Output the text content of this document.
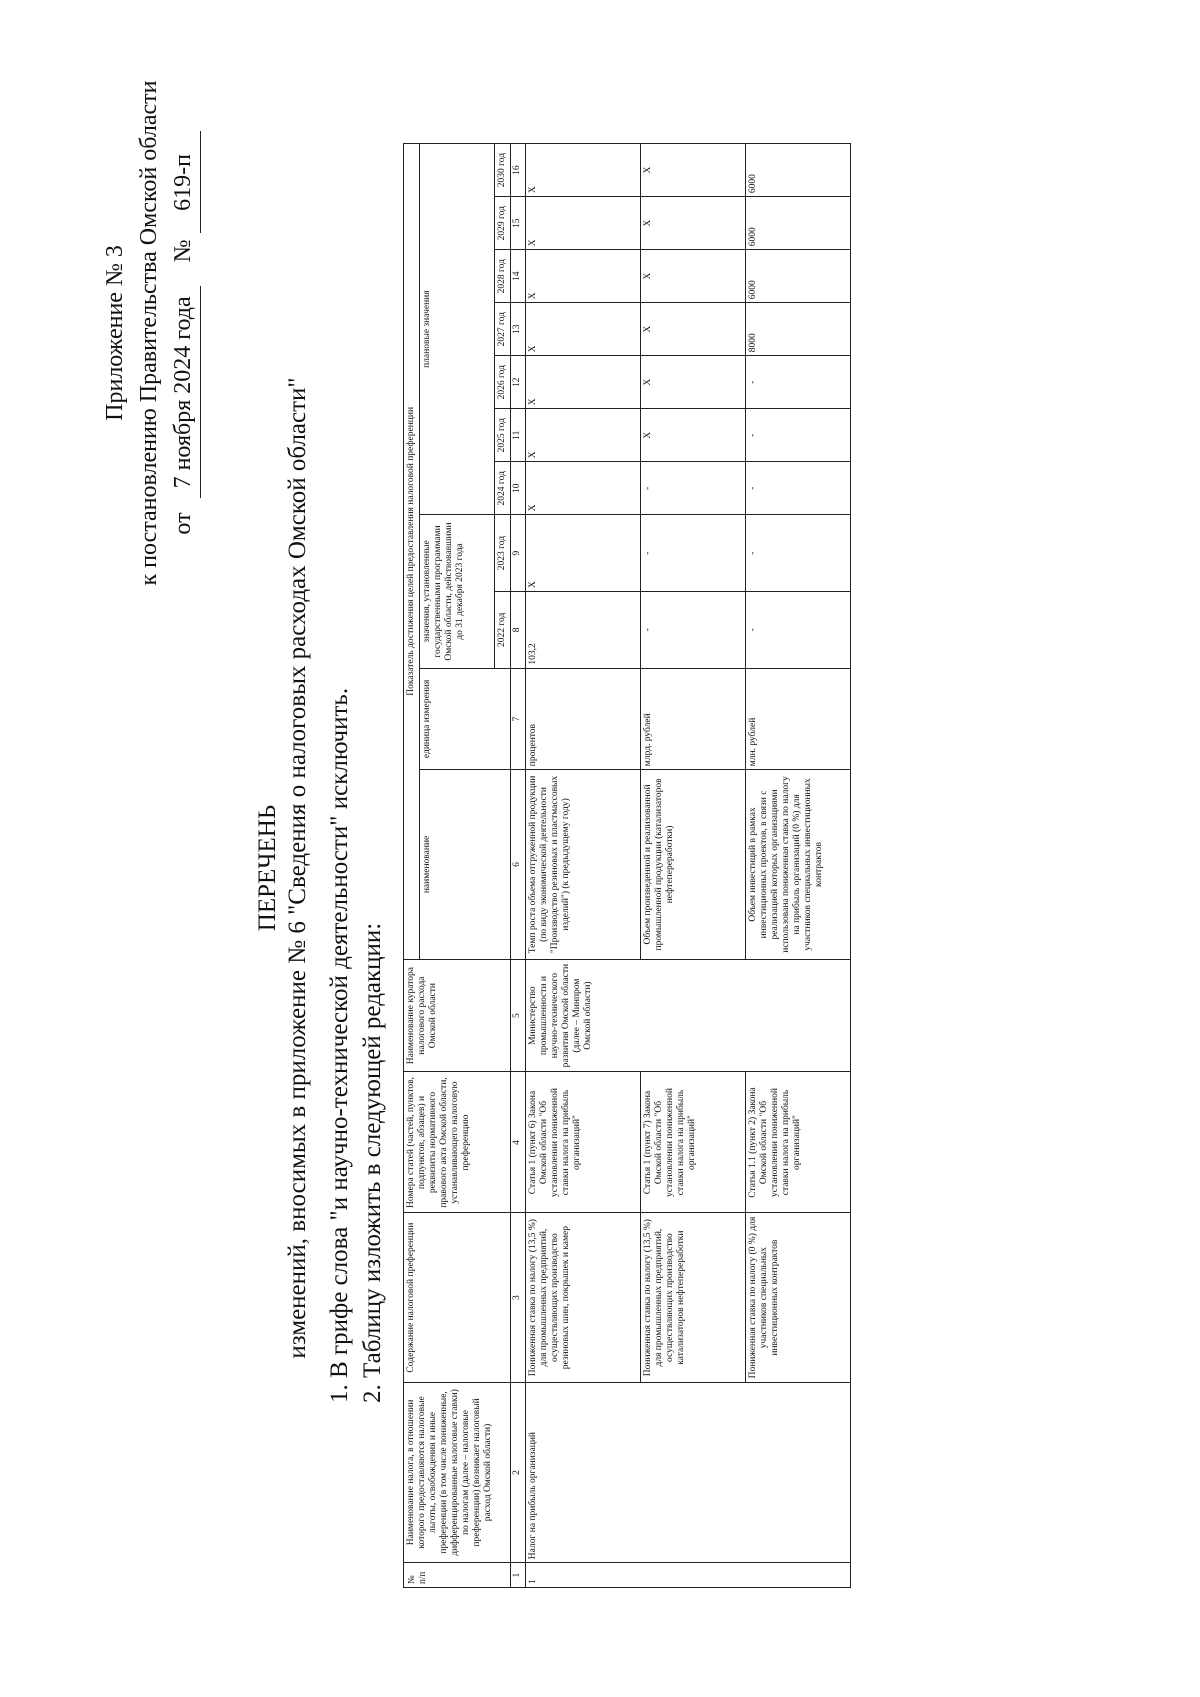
Приложение № 3 к постановлению Правительства Омской области от 7 ноября 2024 года    № 619-п
ПЕРЕЧЕНЬ изменений, вносимых в приложение № 6 "Сведения о налоговых расходах Омской области" 1. В грифе слова "и научно-технической деятельности" исключить. 2. Таблицу изложить в следующей редакции:
№ п/п	Наименование налога, в отношении которого предоставляются налоговые льготы, освобождения и иные преференции (в том числе пониженные, дифференцированные налоговые ставки) по налогам (далее – налоговые преференции) (возникает налоговый расход Омской области)	Содержание налоговой преференции	Номера статей (частей, пунктов, подпунктов, абзацев) и реквизиты нормативного правового акта Омской области, устанавливающего налоговую преференцию	Наименование куратора налогового расхода Омской области	Показатель достижения целей предоставления налоговой преференции										
					наименование	единица измерения	значения, установленные государственными программами Омской области, действовавшими до 31 декабря 2023 года		плановые значения						
							2022 год	2023 год	2024 год	2025 год	2026 год	2027 год	2028 год	2029 год	2030 год
1	2	3	4	5	6	7	8	9	10	11	12	13	14	15	16
1	Налог на прибыль организаций	Пониженная ставка по налогу (13,5 %) для промышленных предприятий, осуществляющих производство резиновых шин, покрышек и камер	Статья 1 (пункт 6) Закона Омской области "Об установлении пониженной ставки налога на прибыль организаций"	Министерство промышленности и научно-технического развития Омской области (далее – Минпром Омской области)	Темп роста объема отгруженной продукции (по виду экономической деятельности "Производство резиновых и пластмассовых изделий") (к предыдущему году)	процентов	103,2	X	X	X	X	X	X	X	X
		Пониженная ставка по налогу (13,5 %) для промышленных предприятий, осуществляющих производство катализаторов нефтепереработки	Статья 1 (пункт 7) Закона Омской области "Об установлении пониженной ставки налога на прибыль организаций"		Объем произведенной и реализованной промышленной продукции (катализаторов нефтепереработки)	млрд. рублей	-	-	-	X	X	X	X	X	X
		Пониженная ставка по налогу (0 %) для участников специальных инвестиционных контрактов	Статья 1.1 (пункт 2) Закона Омской области "Об установлении пониженной ставки налога на прибыль организаций"		Объем инвестиций в рамках инвестиционных проектов, в связи с реализацией которых организациями использована пониженная ставка по налогу на прибыль организаций (0 %) для участников специальных инвестиционных контрактов	млн. рублей	-	-	-	-	-	8000	6000	6000	6000
